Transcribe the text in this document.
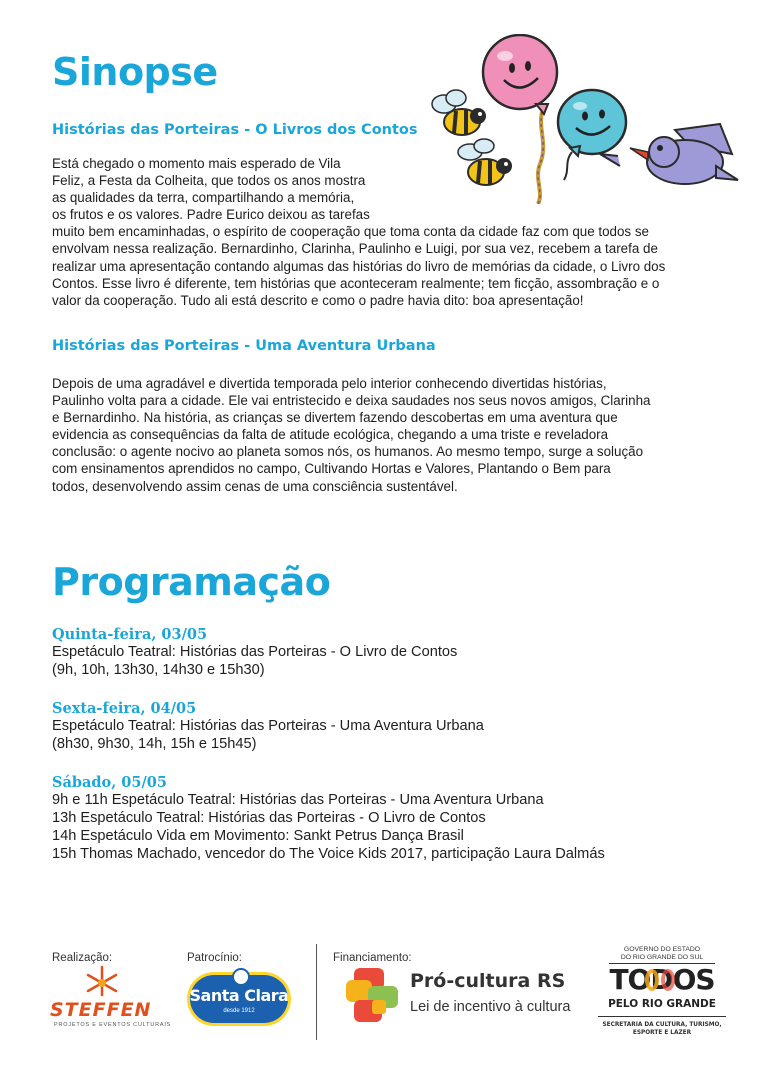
Sinopse
Histórias das Porteiras - O Livros dos Contos
Está chegado o momento mais esperado de Vila
Feliz, a Festa da Colheita, que todos os anos mostra
as qualidades da terra, compartilhando a memória,
os frutos e os valores. Padre Eurico deixou as tarefas
muito bem encaminhadas, o espírito de cooperação que toma conta da cidade faz com que todos se
envolvam nessa realização. Bernardinho, Clarinha, Paulinho e Luigi, por sua vez, recebem a tarefa de
realizar uma apresentação contando algumas das histórias do livro de memórias da cidade, o Livro dos
Contos. Esse livro é diferente, tem histórias que aconteceram realmente; tem ficção, assombração e o
valor da cooperação. Tudo ali está descrito e como o padre havia dito: boa apresentação!
Histórias das Porteiras - Uma Aventura Urbana
Depois de uma agradável e divertida temporada pelo interior conhecendo divertidas histórias,
Paulinho volta para a cidade. Ele vai entristecido e deixa saudades nos seus novos amigos, Clarinha
e Bernardinho. Na história, as crianças se divertem fazendo descobertas em uma aventura que
evidencia as consequências da falta de atitude ecológica, chegando a uma triste e reveladora
conclusão: o agente nocivo ao planeta somos nós, os humanos. Ao mesmo tempo, surge a solução
com ensinamentos aprendidos no campo, Cultivando Hortas e Valores, Plantando o Bem para
todos, desenvolvendo assim cenas de uma consciência sustentável.
Programação
Quinta-feira, 03/05
Espetáculo Teatral: Histórias das Porteiras - O Livro de Contos
(9h, 10h, 13h30, 14h30 e 15h30)
Sexta-feira, 04/05
Espetáculo Teatral: Histórias das Porteiras - Uma Aventura Urbana
(8h30, 9h30, 14h, 15h e 15h45)
Sábado, 05/05
9h e 11h Espetáculo Teatral: Histórias das Porteiras - Uma Aventura Urbana
13h Espetáculo Teatral: Histórias das Porteiras - O Livro de Contos
14h Espetáculo Vida em Movimento: Sankt Petrus Dança Brasil
15h Thomas Machado, vencedor do The Voice Kids 2017, participação Laura Dalmás
Realização:	Patrocínio:	Financiamento:
STEFFEN
PROJETOS E EVENTOS CULTURAIS
Santa Clara
desde 1912
Pró-cultura RS
Lei de incentivo à cultura
GOVERNO DO ESTADO
DO RIO GRANDE DO SUL
TODOS
PELO RIO GRANDE
SECRETARIA DA CULTURA, TURISMO,
ESPORTE E LAZER
